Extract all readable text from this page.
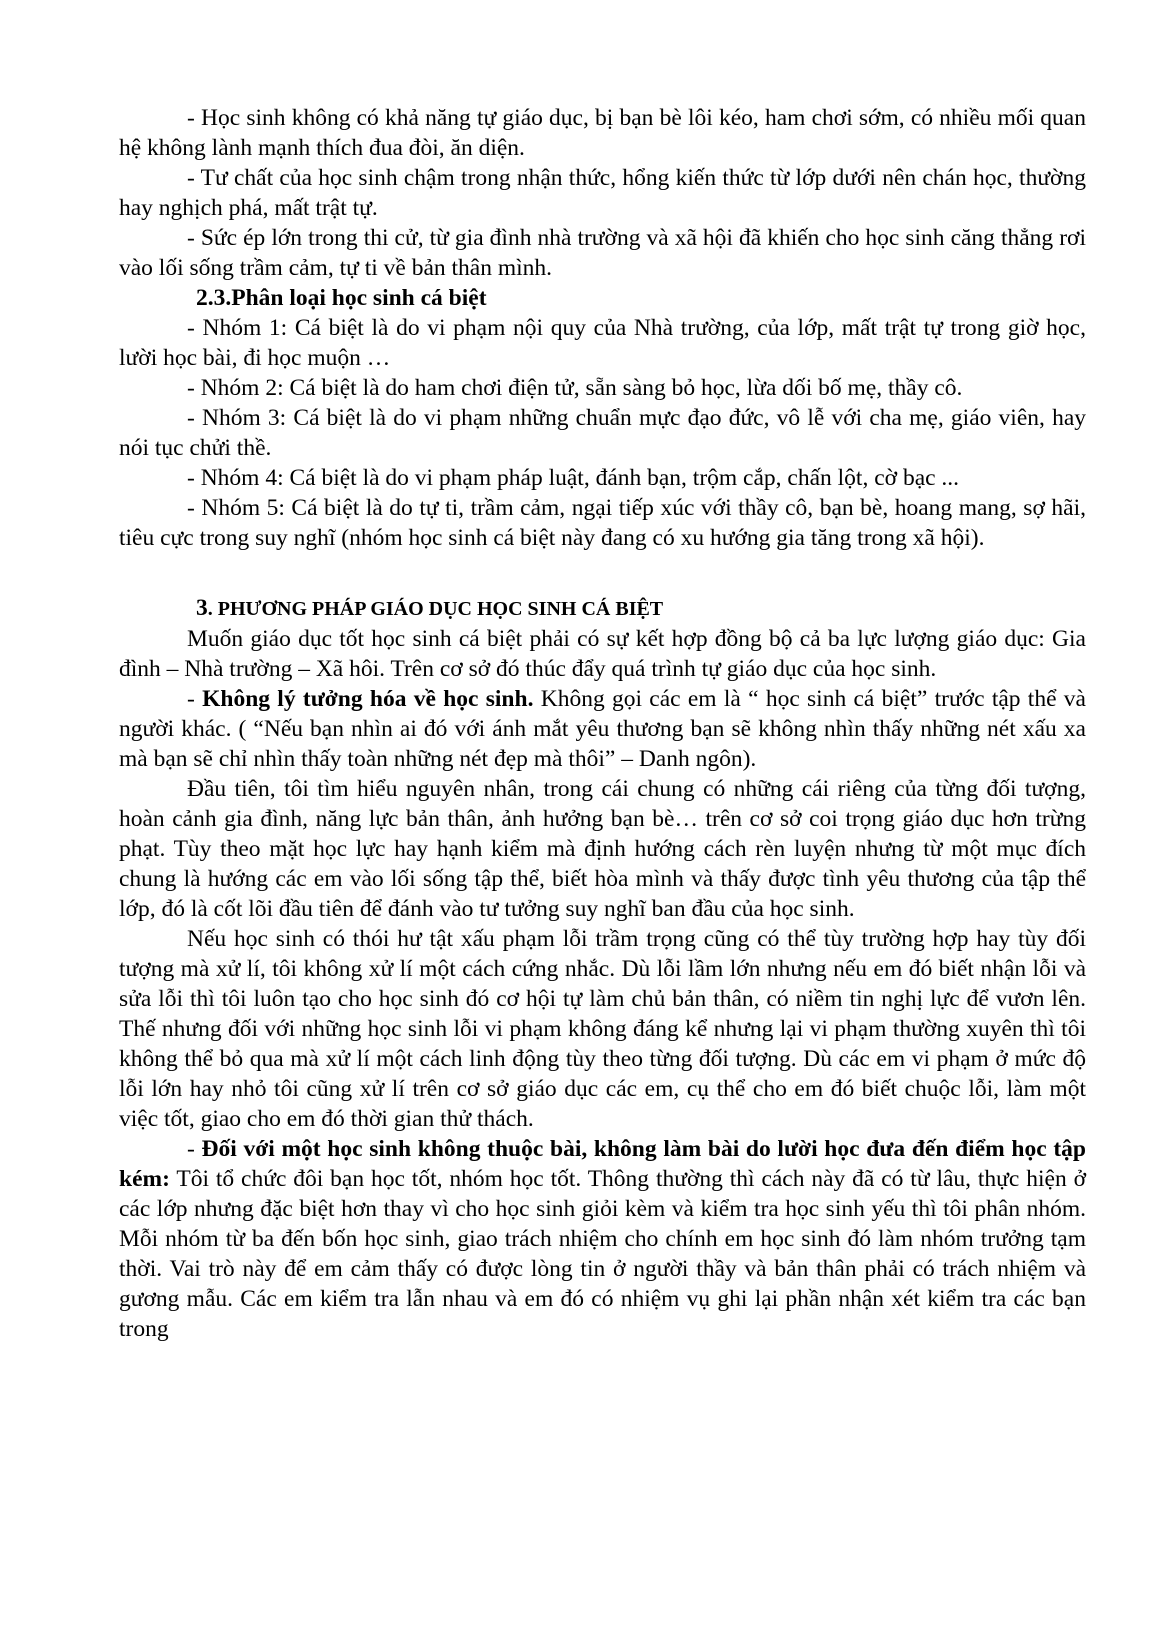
- Học sinh không có khả năng tự giáo dục, bị bạn bè lôi kéo, ham chơi sớm, có nhiều mối quan hệ không lành mạnh thích đua đòi, ăn diện.

- Tư chất của học sinh chậm trong nhận thức, hổng kiến thức từ lớp dưới nên chán học, thường hay nghịch phá, mất trật tự.

- Sức ép lớn trong thi cử, từ gia đình nhà trường và xã hội đã khiến cho học sinh căng thẳng rơi vào lối sống trầm cảm, tự ti về bản thân mình.

2.3.Phân loại học sinh cá biệt

- Nhóm 1: Cá biệt là do vi phạm nội quy của Nhà trường, của lớp, mất trật tự trong giờ học, lười học bài, đi học muộn …

- Nhóm 2: Cá biệt là do ham chơi điện tử, sẵn sàng bỏ học, lừa dối bố mẹ, thầy cô.

- Nhóm 3: Cá biệt là do vi phạm những chuẩn mực đạo đức, vô lễ với cha mẹ, giáo viên, hay nói tục chửi thề.

- Nhóm 4: Cá biệt là do vi phạm pháp luật, đánh bạn, trộm cắp, chấn lột, cờ bạc ...

- Nhóm 5: Cá biệt là do tự ti, trầm cảm, ngại tiếp xúc với thầy cô, bạn bè, hoang mang, sợ hãi, tiêu cực trong suy nghĩ (nhóm học sinh cá biệt này đang có xu hướng gia tăng trong xã hội).

3. PHƯƠNG PHÁP GIÁO DỤC HỌC SINH CÁ BIỆT

Muốn giáo dục tốt học sinh cá biệt phải có sự kết hợp đồng bộ cả ba lực lượng giáo dục: Gia đình – Nhà trường – Xã hôi. Trên cơ sở đó thúc đẩy quá trình tự giáo dục của học sinh.

- Không lý tưởng hóa về học sinh. Không gọi các em là “ học sinh cá biệt” trước tập thể và người khác. ( “Nếu bạn nhìn ai đó với ánh mắt yêu thương bạn sẽ không nhìn thấy những nét xấu xa mà bạn sẽ chỉ nhìn thấy toàn những nét đẹp mà thôi” – Danh ngôn).

Đầu tiên, tôi tìm hiểu nguyên nhân, trong cái chung có những cái riêng của từng đối tượng, hoàn cảnh gia đình, năng lực bản thân, ảnh hưởng bạn bè… trên cơ sở coi trọng giáo dục hơn trừng phạt. Tùy theo mặt học lực hay hạnh kiểm mà định hướng cách rèn luyện nhưng từ một mục đích chung là hướng các em vào lối sống tập thể, biết hòa mình và thấy được tình yêu thương của tập thể lớp, đó là cốt lõi đầu tiên để đánh vào tư tưởng suy nghĩ ban đầu của học sinh.

Nếu học sinh có thói hư tật xấu phạm lỗi trầm trọng cũng có thể tùy trường hợp hay tùy đối tượng mà xử lí, tôi không xử lí một cách cứng nhắc. Dù lỗi lầm lớn nhưng nếu em đó biết nhận lỗi và sửa lỗi thì tôi luôn tạo cho học sinh đó cơ hội tự làm chủ bản thân, có niềm tin nghị lực để vươn lên. Thế nhưng đối với những học sinh lỗi vi phạm không đáng kể nhưng lại vi phạm thường xuyên thì tôi không thể bỏ qua mà xử lí một cách linh động tùy theo từng đối tượng. Dù các em vi phạm ở mức độ lỗi lớn hay nhỏ tôi cũng xử lí trên cơ sở giáo dục các em, cụ thể cho em đó biết chuộc lỗi, làm một việc tốt, giao cho em đó thời gian thử thách.

- Đối với một học sinh không thuộc bài, không làm bài do lười học đưa đến điểm học tập kém: Tôi tổ chức đôi bạn học tốt, nhóm học tốt. Thông thường thì cách này đã có từ lâu, thực hiện ở các lớp nhưng đặc biệt hơn thay vì cho học sinh giỏi kèm và kiểm tra học sinh yếu thì tôi phân nhóm. Mỗi nhóm từ ba đến bốn học sinh, giao trách nhiệm cho chính em học sinh đó làm nhóm trưởng tạm thời. Vai trò này để em cảm thấy có được lòng tin ở người thầy và bản thân phải có trách nhiệm và gương mẫu. Các em kiểm tra lẫn nhau và em đó có nhiệm vụ ghi lại phần nhận xét kiểm tra các bạn trong
